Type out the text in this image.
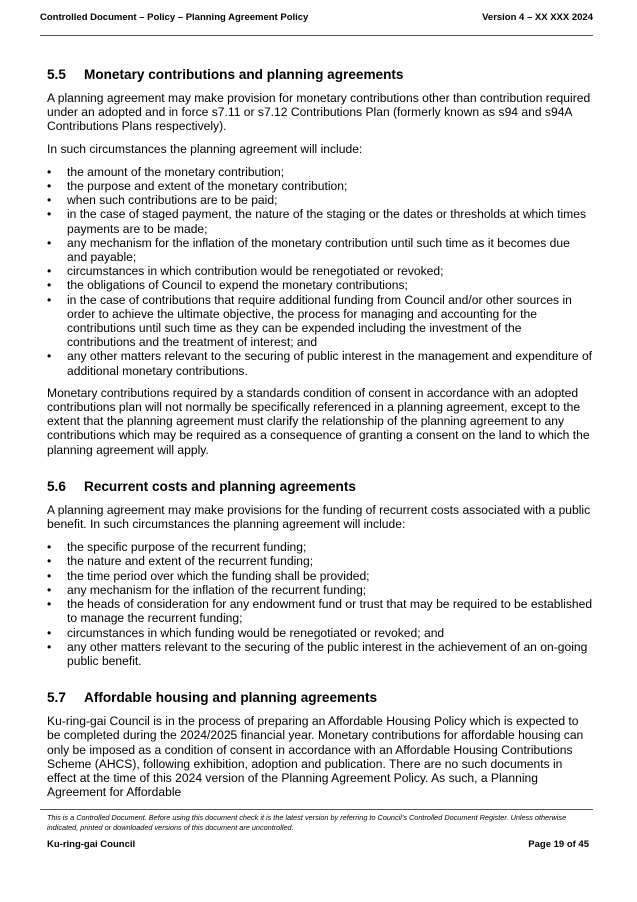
Controlled Document – Policy – Planning Agreement Policy	Version 4 – XX XXX 2024
5.5	Monetary contributions and planning agreements

A planning agreement may make provision for monetary contributions other than contribution required under an adopted and in force s7.11 or s7.12 Contributions Plan (formerly known as s94 and s94A Contributions Plans respectively).

In such circumstances the planning agreement will include:

•	the amount of the monetary contribution;
•	the purpose and extent of the monetary contribution;
•	when such contributions are to be paid;
•	in the case of staged payment, the nature of the staging or the dates or thresholds at which times payments are to be made;
•	any mechanism for the inflation of the monetary contribution until such time as it becomes due and payable;
•	circumstances in which contribution would be renegotiated or revoked;
•	the obligations of Council to expend the monetary contributions;
•	in the case of contributions that require additional funding from Council and/or other sources in order to achieve the ultimate objective, the process for managing and accounting for the contributions until such time as they can be expended including the investment of the contributions and the treatment of interest; and
•	any other matters relevant to the securing of public interest in the management and expenditure of additional monetary contributions.

Monetary contributions required by a standards condition of consent in accordance with an adopted contributions plan will not normally be specifically referenced in a planning agreement, except to the extent that the planning agreement must clarify the relationship of the planning agreement to any contributions which may be required as a consequence of granting a consent on the land to which the planning agreement will apply.

5.6	Recurrent costs and planning agreements

A planning agreement may make provisions for the funding of recurrent costs associated with a public benefit. In such circumstances the planning agreement will include:

•	the specific purpose of the recurrent funding;
•	the nature and extent of the recurrent funding;
•	the time period over which the funding shall be provided;
•	any mechanism for the inflation of the recurrent funding;
•	the heads of consideration for any endowment fund or trust that may be required to be established to manage the recurrent funding;
•	circumstances in which funding would be renegotiated or revoked; and
•	any other matters relevant to the securing of the public interest in the achievement of an on-going public benefit.
5.7	Affordable housing and planning agreements

Ku-ring-gai Council is in the process of preparing an Affordable Housing Policy which is expected to be completed during the 2024/2025 financial year. Monetary contributions for affordable housing can only be imposed as a condition of consent in accordance with an Affordable Housing Contributions Scheme (AHCS), following exhibition, adoption and publication. There are no such documents in effect at the time of this 2024 version of the Planning Agreement Policy. As such, a Planning Agreement for Affordable

This is a Controlled Document. Before using this document check it is the latest version by referring to Council’s Controlled Document Register. Unless otherwise indicated, printed or downloaded versions of this document are uncontrolled.
Ku-ring-gai Council	Page 19 of 45
